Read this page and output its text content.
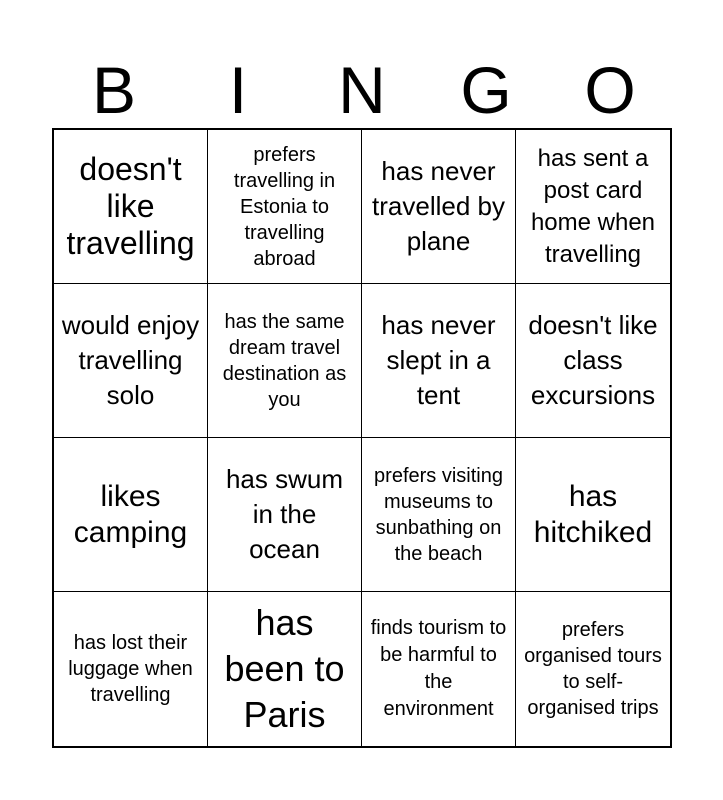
B	I	N	G	O
doesn't like travelling
prefers travelling in Estonia to travelling abroad
has never travelled by plane
has sent a post card home when travelling
would enjoy travelling solo
has the same dream travel destination as you
has never slept in a tent
doesn't like class excursions
likes camping
has swum in the ocean
prefers visiting museums to sunbathing on the beach
has hitchiked
has lost their luggage when travelling
has been to Paris
finds tourism to be harmful to the environment
prefers organised tours to self-organised trips
